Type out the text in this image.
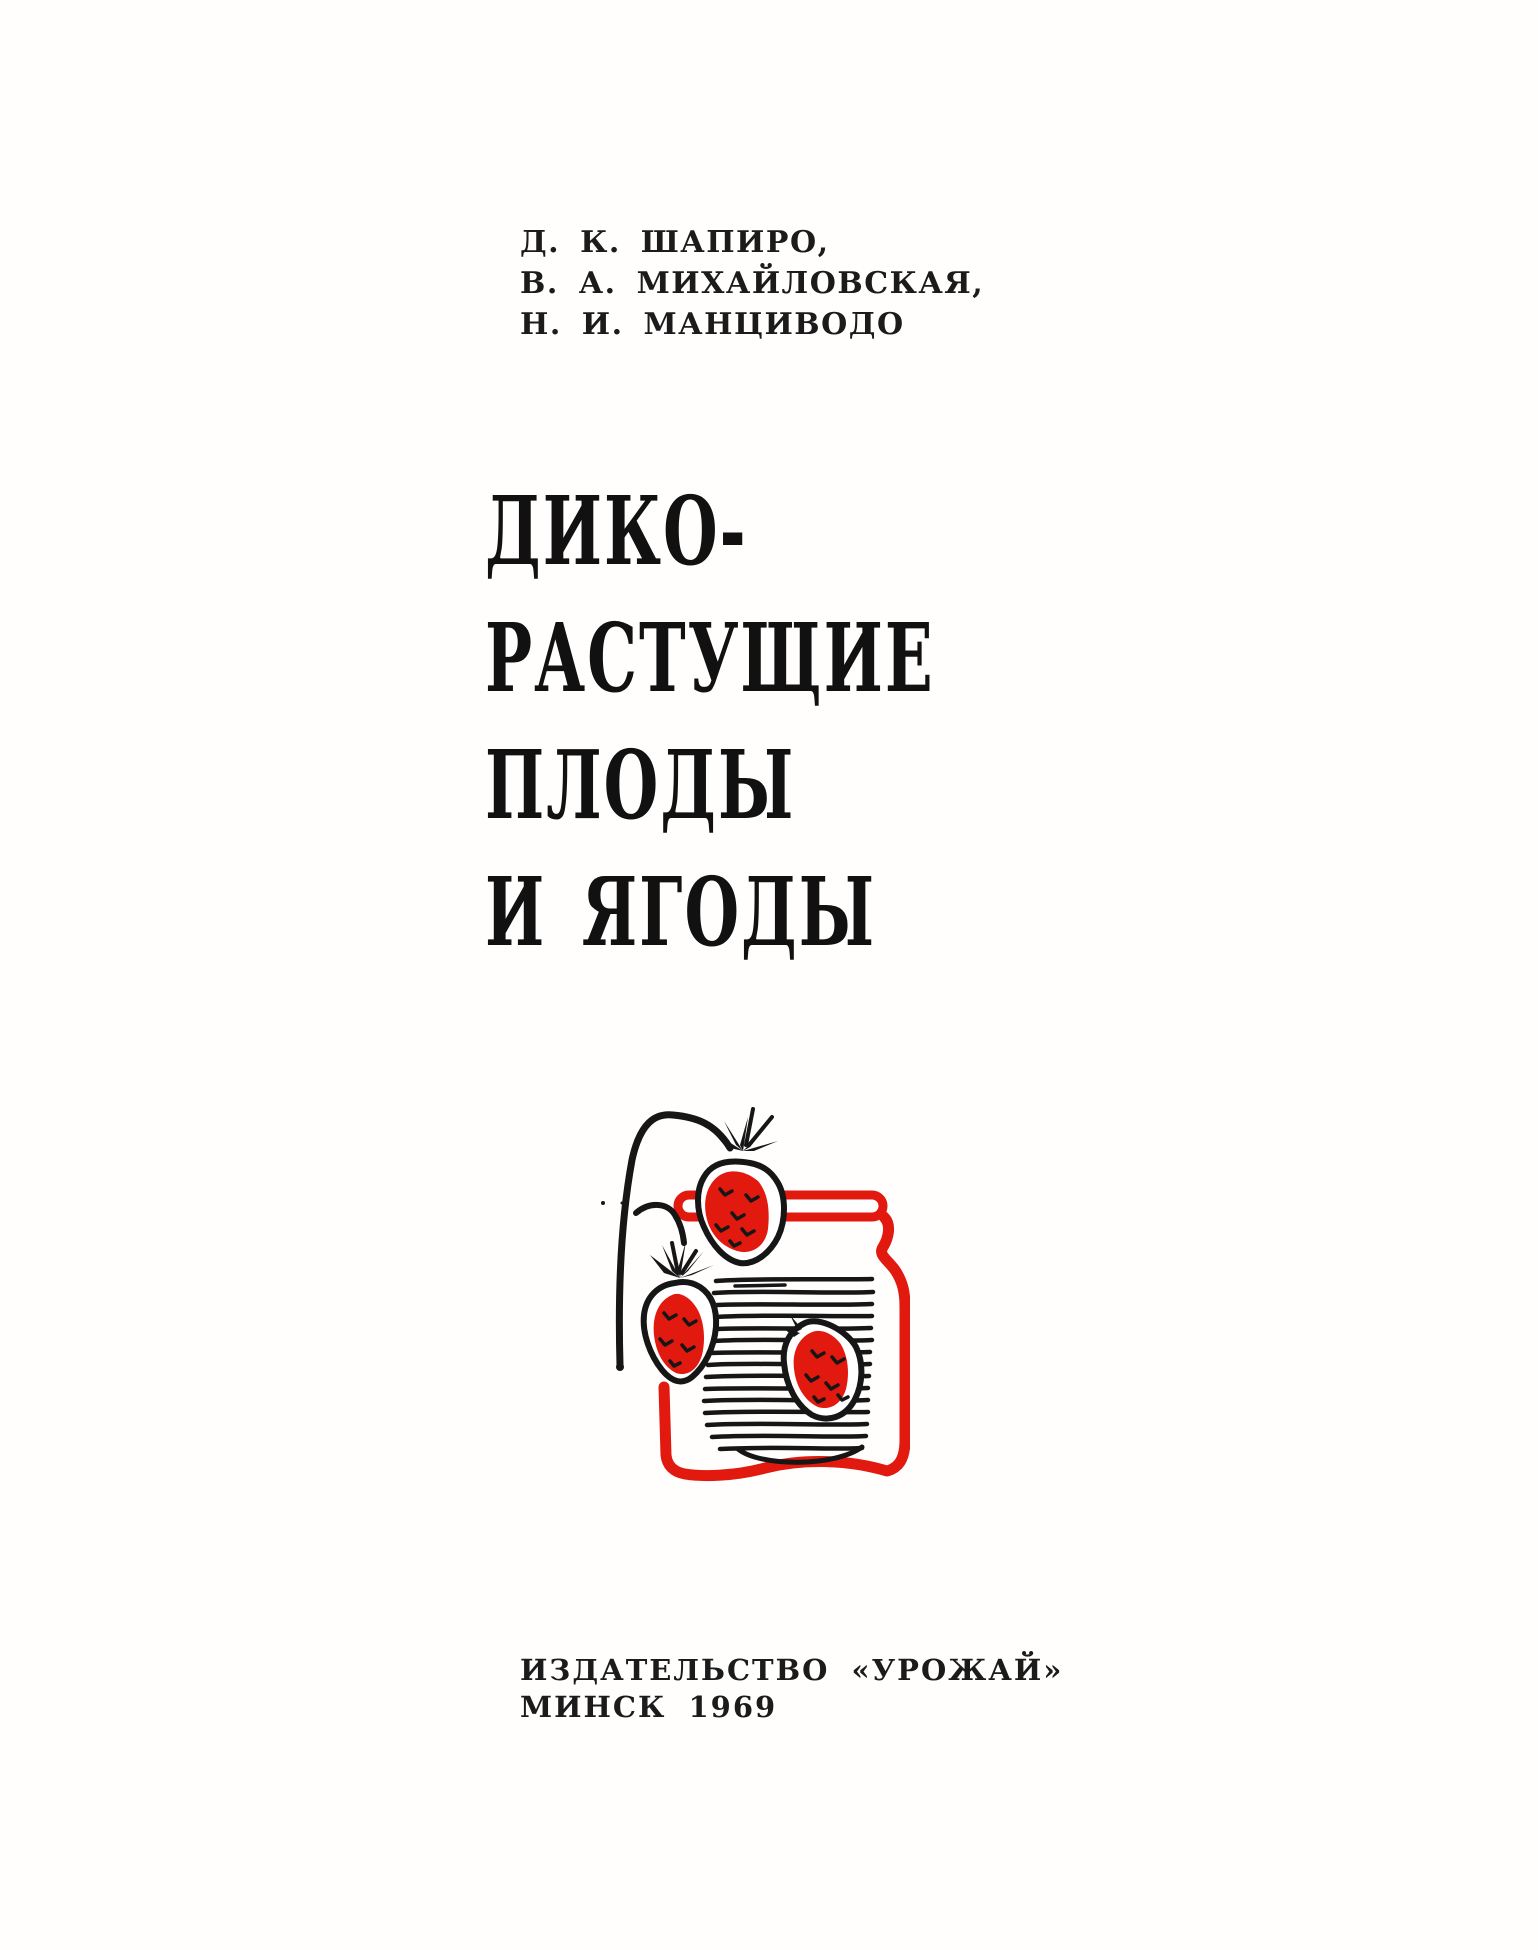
Д. К. ШАПИРО,
В. А. МИХАЙЛОВСКАЯ,
Н. И. МАНЦИВОДО
ДИКО-
РАСТУЩИЕ
ПЛОДЫ
И ЯГОДЫ
ИЗДАТЕЛЬСТВО «УРОЖАЙ»
МИНСК 1969
